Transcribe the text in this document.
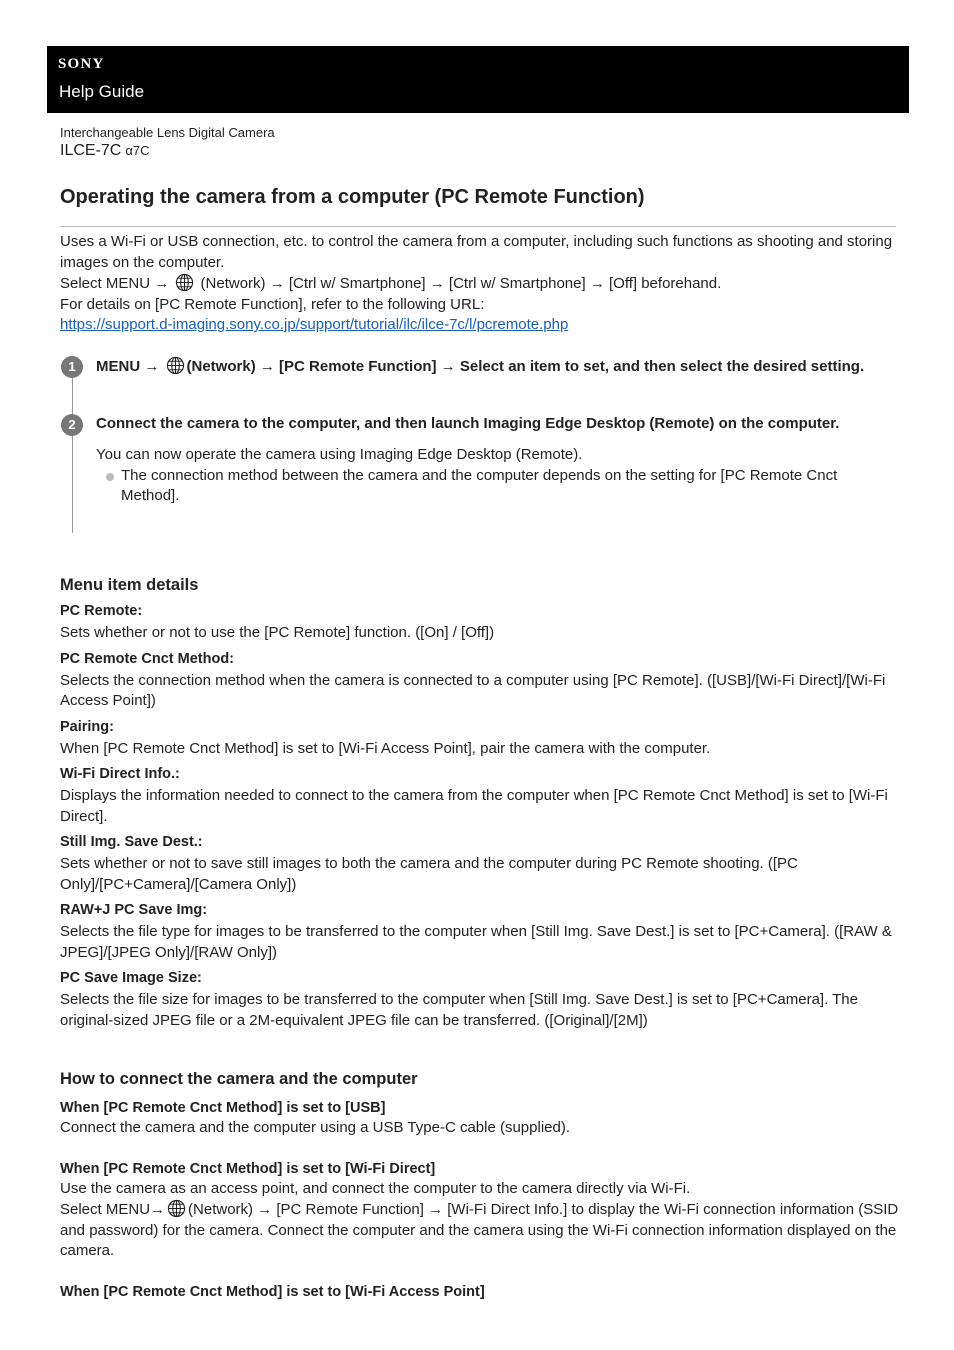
SONY
Help Guide
Interchangeable Lens Digital Camera
ILCE-7C α7C
Operating the camera from a computer (PC Remote Function)

Uses a Wi-Fi or USB connection, etc. to control the camera from a computer, including such functions as shooting and storing images on the computer.

Select MENU → (Network) → [Ctrl w/ Smartphone] → [Ctrl w/ Smartphone] → [Off] beforehand.

For details on [PC Remote Function], refer to the following URL:

https://support.d-imaging.sony.co.jp/support/tutorial/ilc/ilce-7c/l/pcremote.php

1	MENU → (Network) → [PC Remote Function] → Select an item to set, and then select the desired setting.
2	Connect the camera to the computer, and then launch Imaging Edge Desktop (Remote) on the computer.

You can now operate the camera using Imaging Edge Desktop (Remote).

The connection method between the camera and the computer depends on the setting for [PC Remote Cnct Method].

Menu item details
PC Remote:
Sets whether or not to use the [PC Remote] function. ([On] / [Off])
PC Remote Cnct Method:
Selects the connection method when the camera is connected to a computer using [PC Remote]. ([USB]/[Wi-Fi Direct]/[Wi-Fi Access Point])
Pairing:
When [PC Remote Cnct Method] is set to [Wi-Fi Access Point], pair the camera with the computer.
Wi-Fi Direct Info.:
Displays the information needed to connect to the camera from the computer when [PC Remote Cnct Method] is set to [Wi-Fi Direct].
Still Img. Save Dest.:
Sets whether or not to save still images to both the camera and the computer during PC Remote shooting. ([PC Only]/[PC+Camera]/[Camera Only])
RAW+J PC Save Img:
Selects the file type for images to be transferred to the computer when [Still Img. Save Dest.] is set to [PC+Camera]. ([RAW & JPEG]/[JPEG Only]/[RAW Only])
PC Save Image Size:
Selects the file size for images to be transferred to the computer when [Still Img. Save Dest.] is set to [PC+Camera]. The original-sized JPEG file or a 2M-equivalent JPEG file can be transferred. ([Original]/[2M])
How to connect the camera and the computer
When [PC Remote Cnct Method] is set to [USB]
Connect the camera and the computer using a USB Type-C cable (supplied).
When [PC Remote Cnct Method] is set to [Wi-Fi Direct]
Use the camera as an access point, and connect the computer to the camera directly via Wi-Fi.
Select MENU→ (Network) → [PC Remote Function] → [Wi-Fi Direct Info.] to display the Wi-Fi connection information (SSID and password) for the camera. Connect the computer and the camera using the Wi-Fi connection information displayed on the camera.
When [PC Remote Cnct Method] is set to [Wi-Fi Access Point]
